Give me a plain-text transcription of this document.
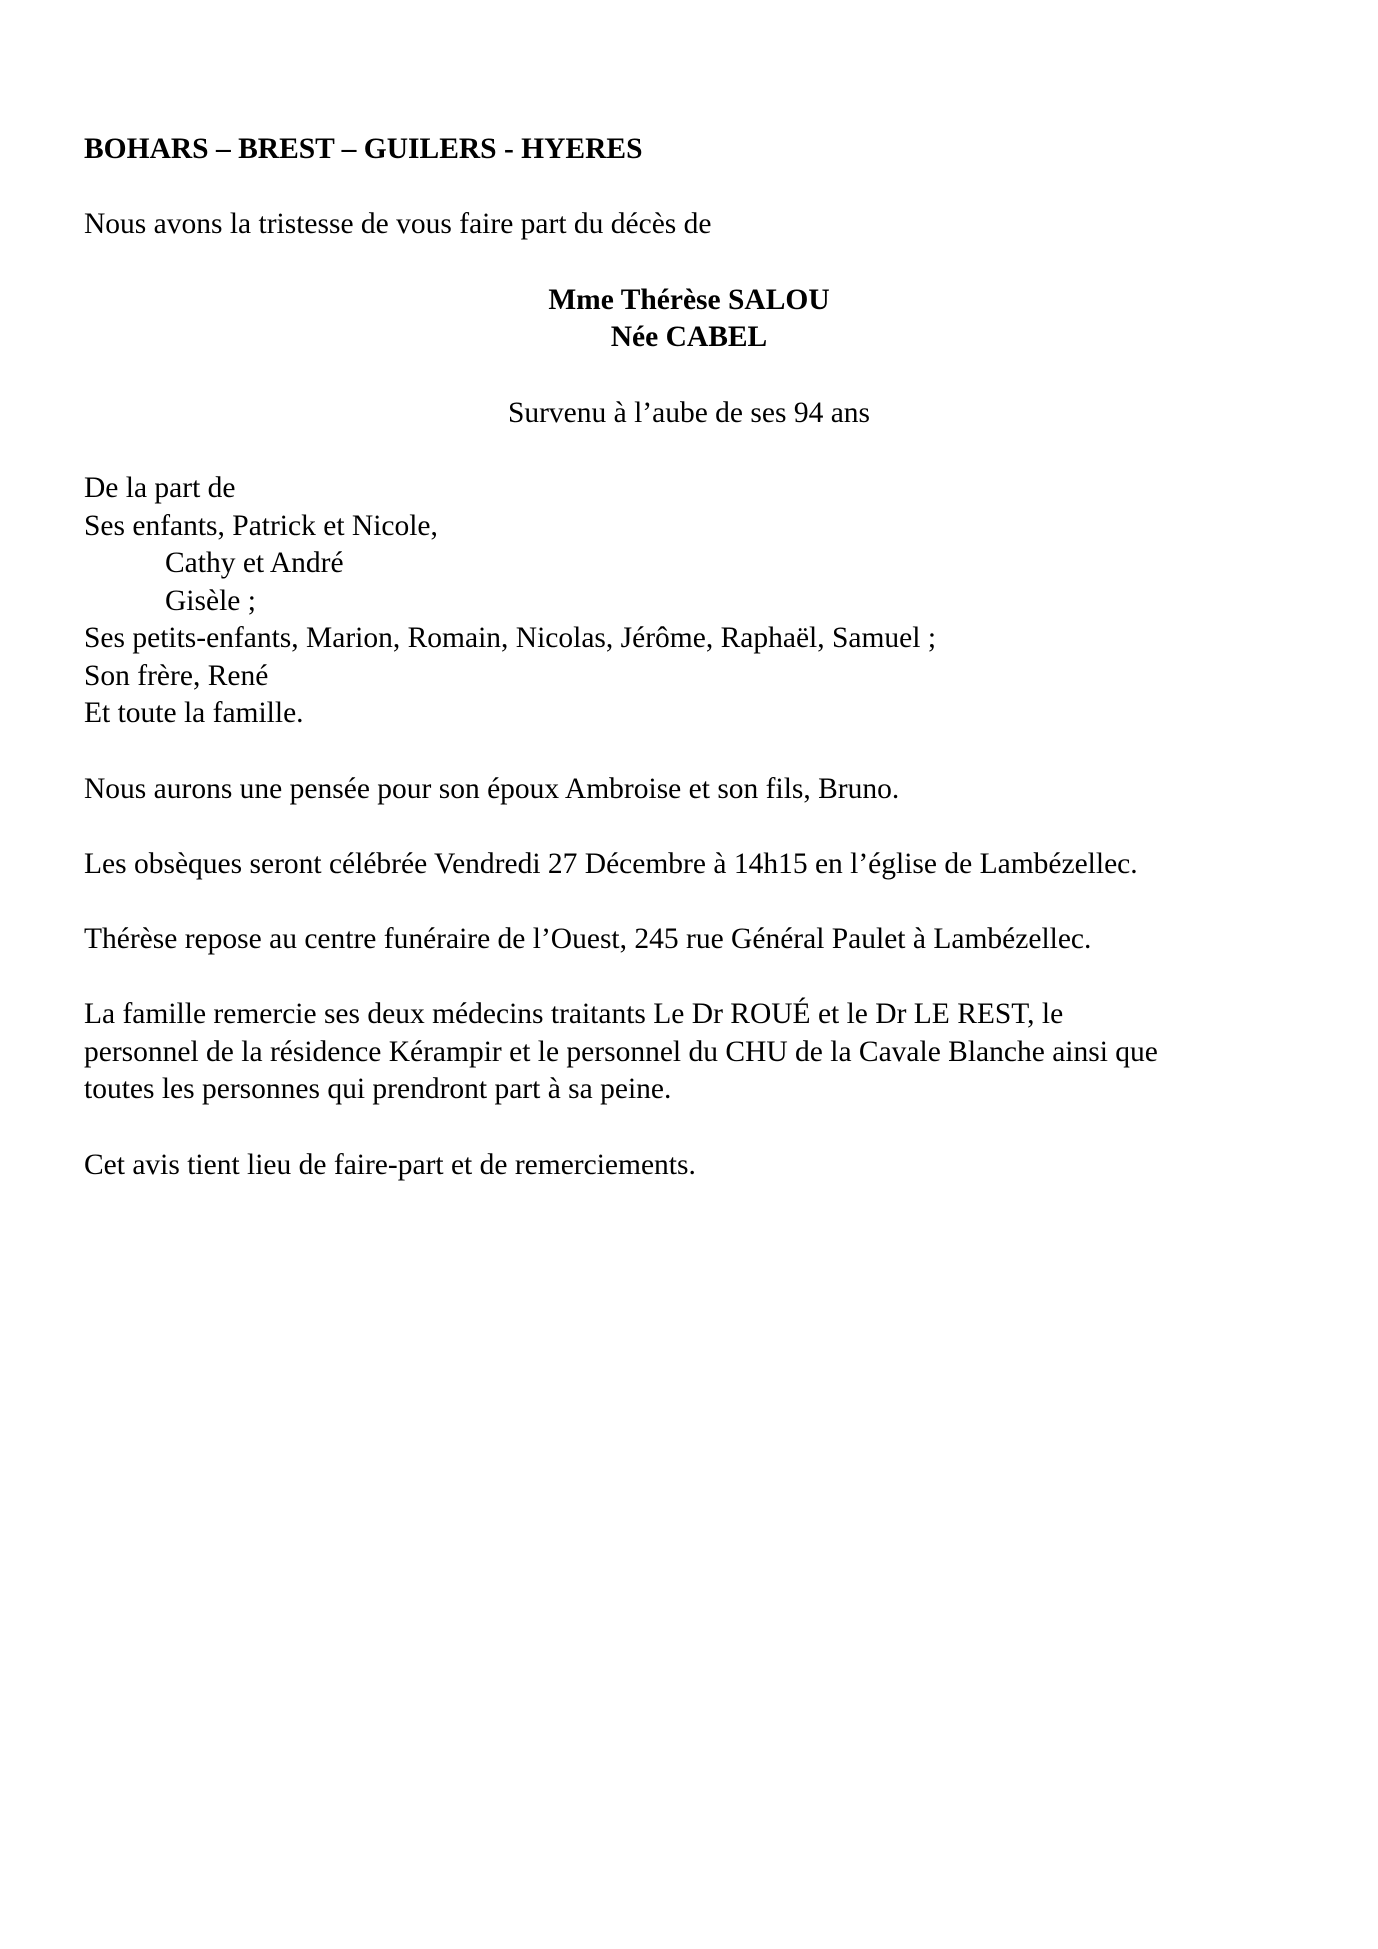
BOHARS – BREST – GUILERS - HYERES
Nous avons la tristesse de vous faire part du décès de
Mme Thérèse SALOU
Née CABEL
Survenu à l’aube de ses 94 ans
De la part de
Ses enfants, Patrick et Nicole,
Cathy et André
Gisèle ;
Ses petits-enfants, Marion, Romain, Nicolas, Jérôme, Raphaël, Samuel ;
Son frère, René
Et toute la famille.
Nous aurons une pensée pour son époux Ambroise et son fils, Bruno.
Les obsèques seront célébrée Vendredi 27 Décembre à 14h15 en l’église de Lambézellec.
Thérèse repose au centre funéraire de l’Ouest, 245 rue Général Paulet à Lambézellec.
La famille remercie ses deux médecins traitants Le Dr ROUÉ et le Dr LE REST, le
personnel de la résidence Kérampir et le personnel du CHU de la Cavale Blanche ainsi que
toutes les personnes qui prendront part à sa peine.
Cet avis tient lieu de faire-part et de remerciements.
